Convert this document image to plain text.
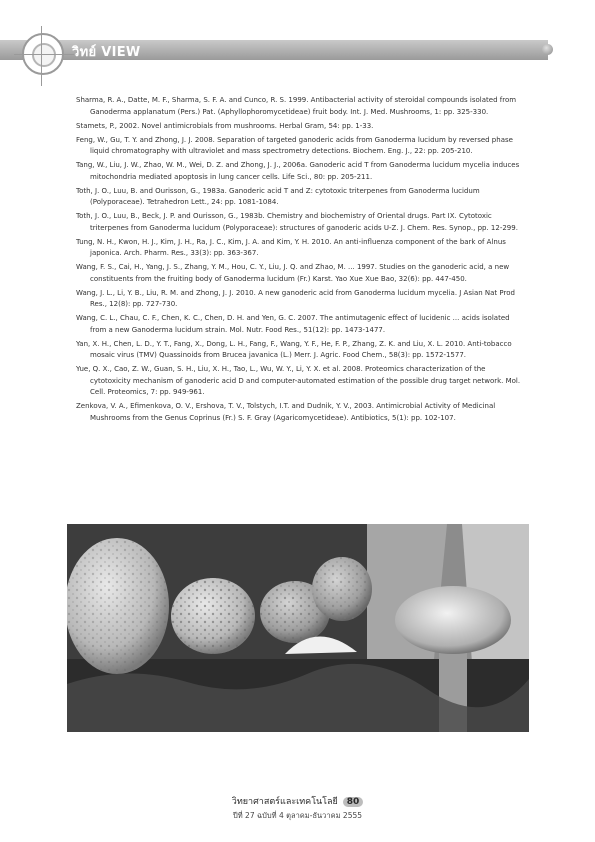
วิทย์ VIEW

Sharma, R. A., Datte, M. F., Sharma, S. F. A. and Cunco, R. S. 1999. Antibacterial activity of steroidal compounds isolated from Ganoderma applanatum (Pers.) Pat. (Aphyllophoromycetideae) fruit body. Int. J. Med. Mushrooms, 1: pp. 325-330.

Stamets, P., 2002. Novel antimicrobials from mushrooms. Herbal Gram, 54: pp. 1-33.

Feng, W., Gu, T. Y. and Zhong, J. J. 2008. Separation of targeted ganoderic acids from Ganoderma lucidum by reversed phase liquid chromatography with ultraviolet and mass spectrometry detections. Biochem. Eng. J., 22: pp. 205-210.

Tang, W., Liu, J. W., Zhao, W. M., Wei, D. Z. and Zhong, J. J., 2006a. Ganoderic acid T from Ganoderma lucidum mycelia induces mitochondria mediated apoptosis in lung cancer cells. Life Sci., 80: pp. 205-211.

Toth, J. O., Luu, B. and Ourisson, G., 1983a. Ganoderic acid T and Z: cytotoxic triterpenes from Ganoderma lucidum (Polyporaceae). Tetrahedron Lett., 24: pp. 1081-1084.

Toth, J. O., Luu, B., Beck, J. P. and Ourisson, G., 1983b. Chemistry and biochemistry of Oriental drugs. Part IX. Cytotoxic triterpenes from Ganoderma lucidum (Polyporaceae): structures of ganoderic acids U-Z. J. Chem. Res. Synop., pp. 12-299.

Tung, N. H., Kwon, H. J., Kim, J. H., Ra, J. C., Kim, J. A. and Kim, Y. H. 2010. An anti-influenza component of the bark of Alnus japonica. Arch. Pharm. Res., 33(3): pp. 363-367.

Wang, F. S., Cai, H., Yang, J. S., Zhang, Y. M., Hou, C. Y., Liu, J. Q. and Zhao, M. ... 1997. Studies on the ganoderic acid, a new constituents from the fruiting body of Ganoderma lucidum (Fr.) Karst. Yao Xue Xue Bao, 32(6): pp. 447-450.

Wang, J. L., Li, Y. B., Liu, R. M. and Zhong, J. J. 2010. A new ganoderic acid from Ganoderma lucidum mycelia. J Asian Nat Prod Res., 12(8): pp. 727-730.

Wang, C. L., Chau, C. F., Chen, K. C., Chen, D. H. and Yen, G. C. 2007. The antimutagenic effect of lucidenic ... acids isolated from a new Ganoderma lucidum strain. Mol. Nutr. Food Res., 51(12): pp. 1473-1477.

Yan, X. H., Chen, L. D., Y. T., Fang, X., Dong, L. H., Fang, F., Wang, Y. F., He, F. P., Zhang, Z. K. and Liu, X. L. 2010. Anti-tobacco mosaic virus (TMV) Quassinoids from Brucea javanica (L.) Merr. J. Agric. Food Chem., 58(3): pp. 1572-1577.

Yue, Q. X., Cao, Z. W., Guan, S. H., Liu, X. H., Tao, L., Wu, W. Y., Li, Y. X. et al. 2008. Proteomics characterization of the cytotoxicity mechanism of ganoderic acid D and computer-automated estimation of the possible drug target network. Mol. Cell. Proteomics, 7: pp. 949-961.

Zenkova, V. A., Efimenkova, O. V., Ershova, T. V., Tolstych, I.T. and Dudnik, Y. V., 2003. Antimicrobial Activity of Medicinal Mushrooms from the Genus Coprinus (Fr.) S. F. Gray (Agaricomycetideae). Antibiotics, 5(1): pp. 102-107.

วิทยาศาสตร์และเทคโนโลยี 80
ปีที่ 27 ฉบับที่ 4 ตุลาคม-ธันวาคม 2555
